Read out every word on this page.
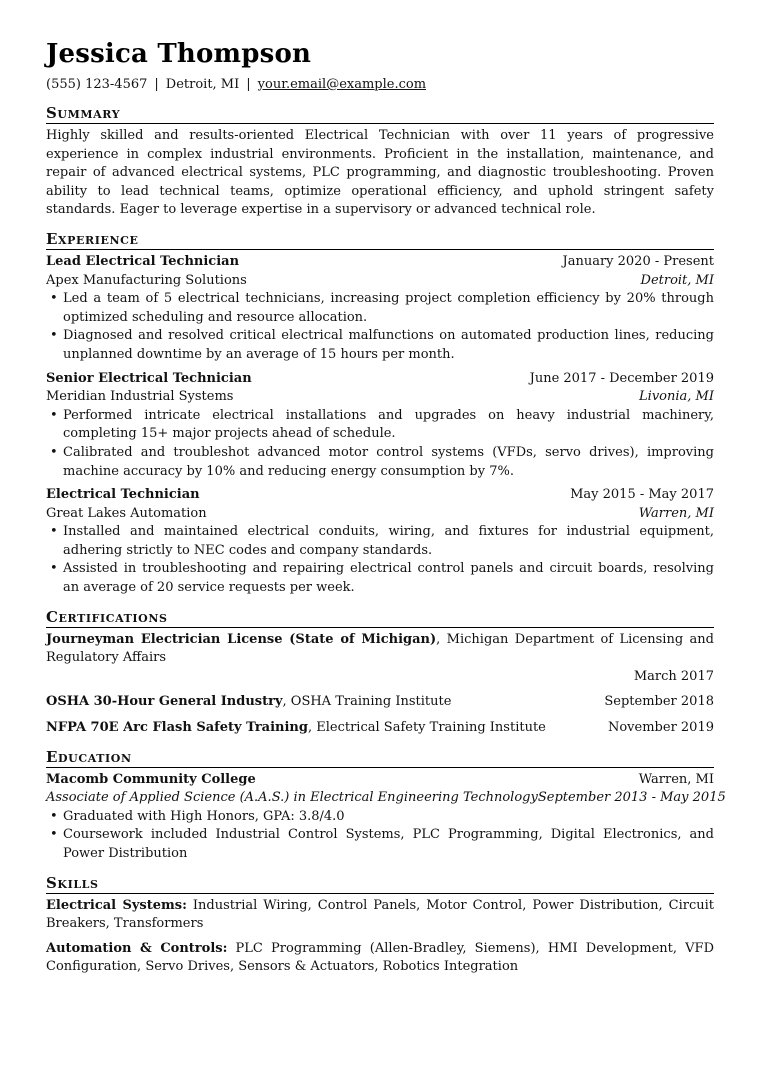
Jessica Thompson
(555) 123-4567 | Detroit, MI | your.email@example.com
Summary
Highly skilled and results-oriented Electrical Technician with over 11 years of progressive experience in complex industrial environments. Proficient in the installation, maintenance, and repair of advanced electrical systems, PLC programming, and diagnostic troubleshooting. Proven ability to lead technical teams, optimize operational efficiency, and uphold stringent safety standards. Eager to leverage expertise in a supervisory or advanced technical role.
Experience
Lead Electrical Technician	January 2020 - Present
Apex Manufacturing Solutions	Detroit, MI
• Led a team of 5 electrical technicians, increasing project completion efficiency by 20% through optimized scheduling and resource allocation.
• Diagnosed and resolved critical electrical malfunctions on automated production lines, reducing unplanned downtime by an average of 15 hours per month.
Senior Electrical Technician	June 2017 - December 2019
Meridian Industrial Systems	Livonia, MI
• Performed intricate electrical installations and upgrades on heavy industrial machinery, completing 15+ major projects ahead of schedule.
• Calibrated and troubleshot advanced motor control systems (VFDs, servo drives), improving machine accuracy by 10% and reducing energy consumption by 7%.
Electrical Technician	May 2015 - May 2017
Great Lakes Automation	Warren, MI
• Installed and maintained electrical conduits, wiring, and fixtures for industrial equipment, adhering strictly to NEC codes and company standards.
• Assisted in troubleshooting and repairing electrical control panels and circuit boards, resolving an average of 20 service requests per week.
Certifications
Journeyman Electrician License (State of Michigan), Michigan Department of Licensing and Regulatory Affairs
March 2017
OSHA 30-Hour General Industry, OSHA Training Institute	September 2018
NFPA 70E Arc Flash Safety Training, Electrical Safety Training Institute	November 2019
Education
Macomb Community College	Warren, MI
Associate of Applied Science (A.A.S.) in Electrical Engineering Technology September 2013 - May 2015
• Graduated with High Honors, GPA: 3.8/4.0
• Coursework included Industrial Control Systems, PLC Programming, Digital Electronics, and Power Distribution
Skills
Electrical Systems: Industrial Wiring, Control Panels, Motor Control, Power Distribution, Circuit Breakers, Transformers
Automation & Controls: PLC Programming (Allen-Bradley, Siemens), HMI Development, VFD Configuration, Servo Drives, Sensors & Actuators, Robotics Integration
